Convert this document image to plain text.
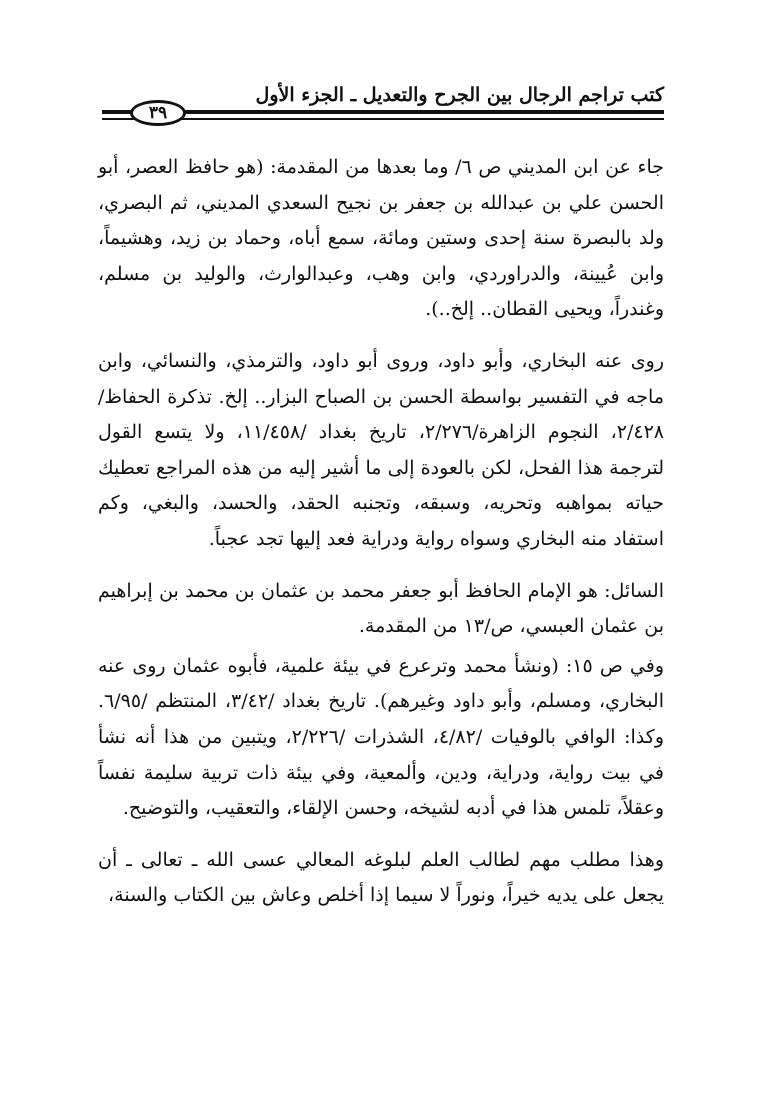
كتب تراجم الرجال بين الجرح والتعديل ـ الجزء الأول
٣٩

جاء عن ابن المديني ص ٦/ وما بعدها من المقدمة: (هو حافظ العصر، أبو الحسن علي بن عبدالله بن جعفر بن نجيح السعدي المديني، ثم البصري، ولد بالبصرة سنة إحدى وستين ومائة، سمع أباه، وحماد بن زيد، وهشيماً، وابن عُيينة، والدراوردي، وابن وهب، وعبدالوارث، والوليد بن مسلم، وغندراً، ويحيى القطان.. إلخ..).

روى عنه البخاري، وأبو داود، وروى أبو داود، والترمذي، والنسائي، وابن ماجه في التفسير بواسطة الحسن بن الصباح البزار.. إلخ. تذكرة الحفاظ/٢/٤٢٨، النجوم الزاهرة/٢/٢٧٦، تاريخ بغداد /١١/٤٥٨، ولا يتسع القول لترجمة هذا الفحل، لكن بالعودة إلى ما أشير إليه من هذه المراجع تعطيك حياته بمواهبه وتحريه، وسبقه، وتجنبه الحقد، والحسد، والبغي، وكم استفاد منه البخاري وسواه رواية ودراية فعد إليها تجد عجباً.

السائل: هو الإمام الحافظ أبو جعفر محمد بن عثمان بن محمد بن إبراهيم بن عثمان العبسي، ص/١٣ من المقدمة.

وفي ص ١٥: (ونشأ محمد وترعرع في بيئة علمية، فأبوه عثمان روى عنه البخاري، ومسلم، وأبو داود وغيرهم). تاريخ بغداد /٣/٤٢، المنتظم /٦/٩٥. وكذا: الوافي بالوفيات /٤/٨٢، الشذرات /٢/٢٢٦، ويتبين من هذا أنه نشأ في بيت رواية، ودراية، ودين، وألمعية، وفي بيئة ذات تربية سليمة نفساً وعقلاً، تلمس هذا في أدبه لشيخه، وحسن الإلقاء، والتعقيب، والتوضيح.

وهذا مطلب مهم لطالب العلم لبلوغه المعالي عسى الله ـ تعالى ـ أن يجعل على يديه خيراً، ونوراً لا سيما إذا أخلص وعاش بين الكتاب والسنة،
